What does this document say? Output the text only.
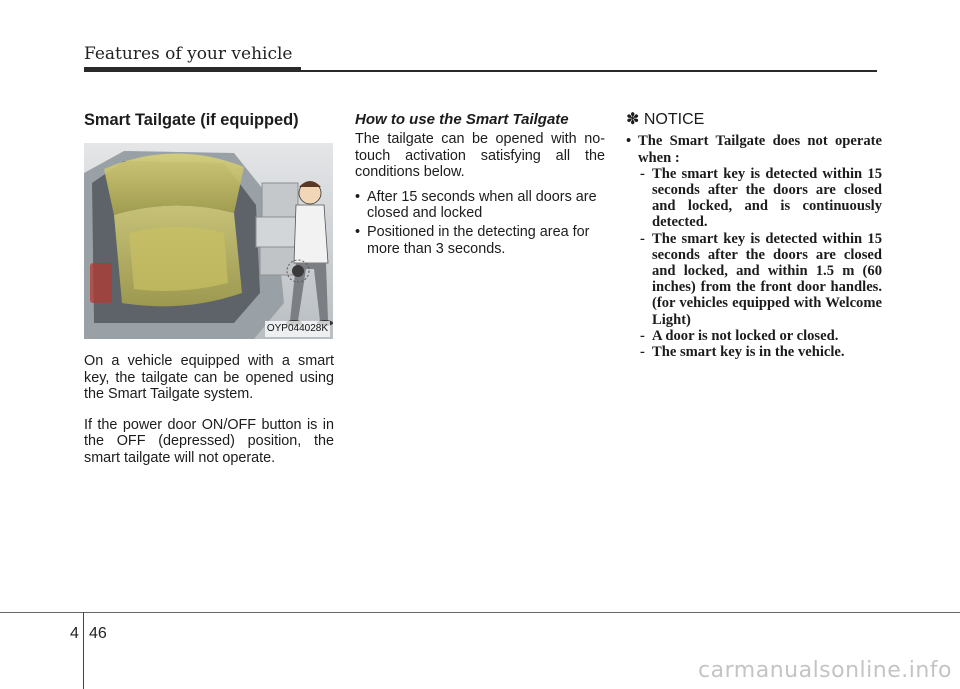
Features of your vehicle
Smart Tailgate (if equipped)
OYP044028K

On a vehicle equipped with a smart key, the tailgate can be opened using the Smart Tailgate system.

If the power door ON/OFF button is in the OFF (depressed) position, the smart tailgate will not operate.

How to use the Smart Tailgate

The tailgate can be opened with no-touch activation satisfying all the conditions below.

• After 15 seconds when all doors are closed and locked
• Positioned in the detecting area for more than 3 seconds.
✽ NOTICE
• The Smart Tailgate does not operate when :
- The smart key is detected within 15 seconds after the doors are closed and locked, and is continuously detected.
- The smart key is detected within 15 seconds after the doors are closed and locked, and within 1.5 m (60 inches) from the front door handles. (for vehicles equipped with Welcome Light)
- A door is not locked or closed.
- The smart key is in the vehicle.
4 46
carmanualsonline.info
